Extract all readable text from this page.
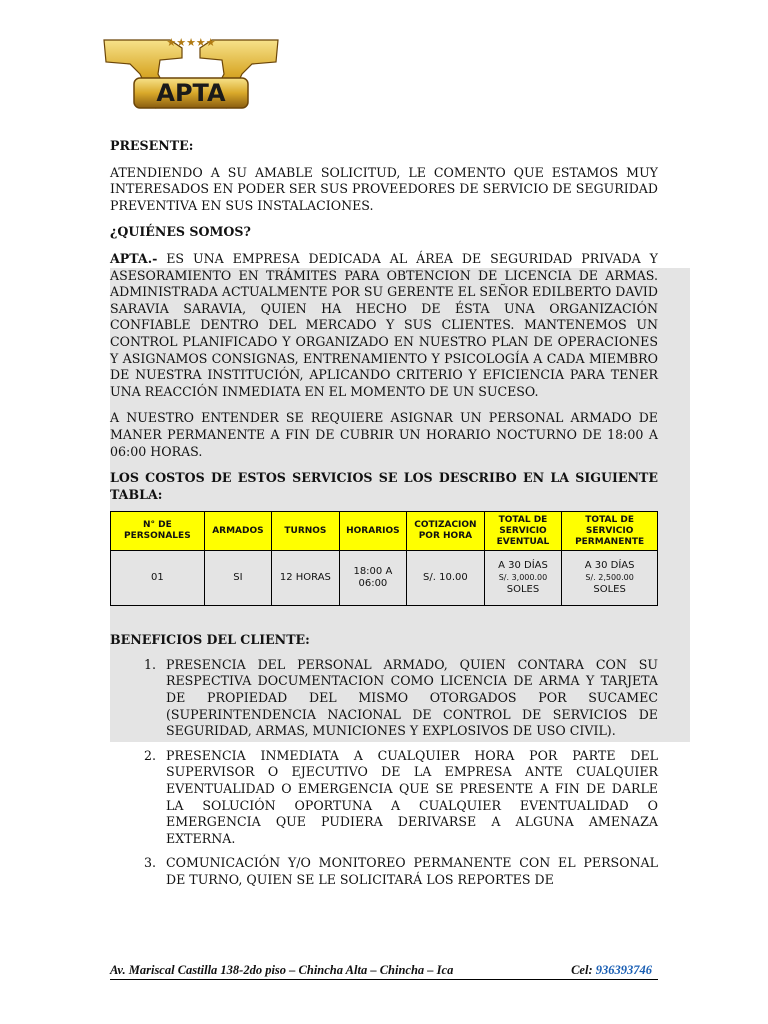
APTA
★★★★★

PRESENTE:

ATENDIENDO A SU AMABLE SOLICITUD, LE COMENTO QUE ESTAMOS MUY INTERESADOS EN PODER SER SUS PROVEEDORES DE SERVICIO DE SEGURIDAD PREVENTIVA EN SUS INSTALACIONES.

¿QUIÉNES SOMOS?

APTA.- ES UNA EMPRESA DEDICADA AL ÁREA DE SEGURIDAD PRIVADA Y ASESORAMIENTO EN TRÁMITES PARA OBTENCION DE LICENCIA DE ARMAS. ADMINISTRADA ACTUALMENTE POR SU GERENTE EL SEÑOR EDILBERTO DAVID SARAVIA SARAVIA, QUIEN HA HECHO DE ÉSTA UNA ORGANIZACIÓN CONFIABLE DENTRO DEL MERCADO Y SUS CLIENTES. MANTENEMOS UN CONTROL PLANIFICADO Y ORGANIZADO EN NUESTRO PLAN DE OPERACIONES Y ASIGNAMOS CONSIGNAS, ENTRENAMIENTO Y PSICOLOGÍA A CADA MIEMBRO DE NUESTRA INSTITUCIÓN, APLICANDO CRITERIO Y EFICIENCIA PARA TENER UNA REACCIÓN INMEDIATA EN EL MOMENTO DE UN SUCESO.

A NUESTRO ENTENDER SE REQUIERE ASIGNAR UN PERSONAL ARMADO DE MANER PERMANENTE A FIN DE CUBRIR UN HORARIO NOCTURNO DE 18:00 A 06:00 HORAS.

LOS COSTOS DE ESTOS SERVICIOS SE LOS DESCRIBO EN LA SIGUIENTE TABLA:

N° DE PERSONALES	ARMADOS	TURNOS	HORARIOS	COTIZACION POR HORA	TOTAL DE SERVICIO EVENTUAL	TOTAL DE SERVICIO PERMANENTE
01	SI	12 HORAS	18:00 A 06:00	S/. 10.00	A 30 DÍAS
S/. 3,000.00
SOLES	A 30 DÍAS
S/. 2,500.00
SOLES

BENEFICIOS DEL CLIENTE:

1. PRESENCIA DEL PERSONAL ARMADO, QUIEN CONTARA CON SU RESPECTIVA DOCUMENTACION COMO LICENCIA DE ARMA Y TARJETA DE PROPIEDAD DEL MISMO OTORGADOS POR SUCAMEC (SUPERINTENDENCIA NACIONAL DE CONTROL DE SERVICIOS DE SEGURIDAD, ARMAS, MUNICIONES Y EXPLOSIVOS DE USO CIVIL).
2. PRESENCIA INMEDIATA A CUALQUIER HORA POR PARTE DEL SUPERVISOR O EJECUTIVO DE LA EMPRESA ANTE CUALQUIER EVENTUALIDAD O EMERGENCIA QUE SE PRESENTE A FIN DE DARLE LA SOLUCIÓN OPORTUNA A CUALQUIER EVENTUALIDAD O EMERGENCIA QUE PUDIERA DERIVARSE A ALGUNA AMENAZA EXTERNA.
3. COMUNICACIÓN Y/O MONITOREO PERMANENTE CON EL PERSONAL DE TURNO, QUIEN SE LE SOLICITARÁ LOS REPORTES DE
Av. Mariscal Castilla 138-2do piso – Chincha Alta – Chincha – Ica	Cel: 936393746
